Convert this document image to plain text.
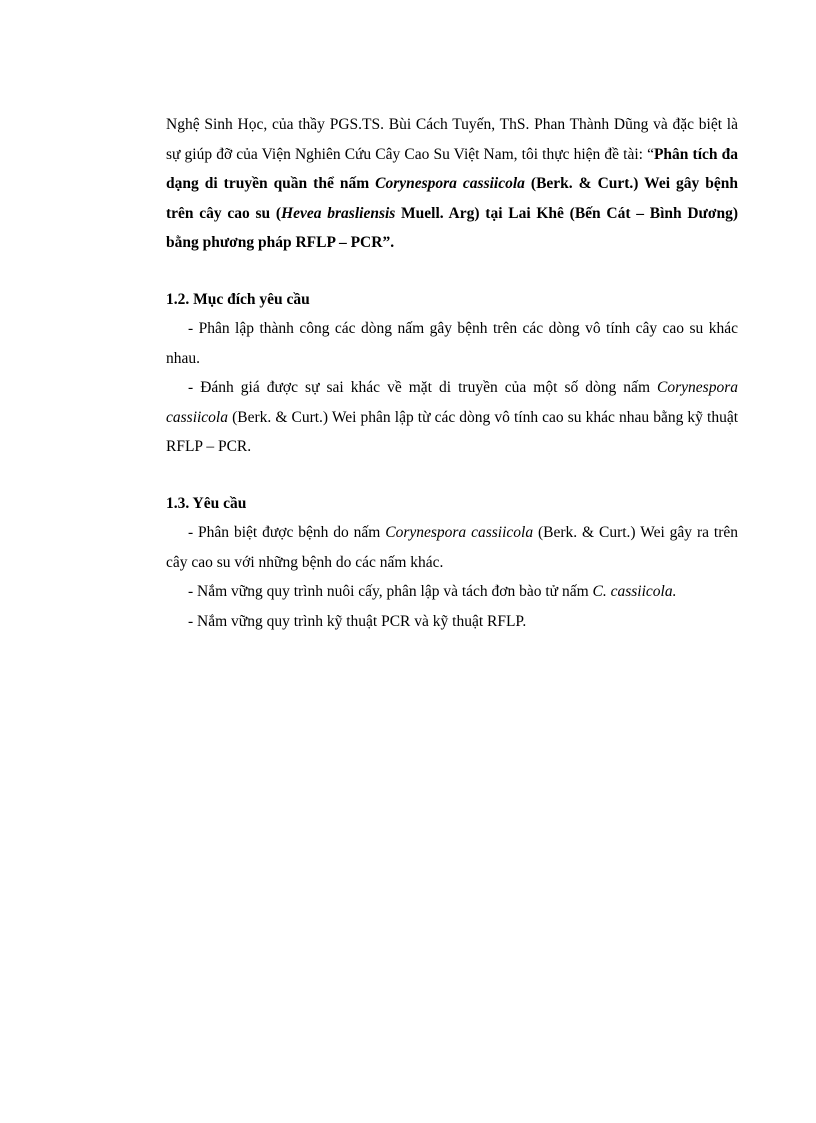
Nghệ Sinh Học, của thầy PGS.TS. Bùi Cách Tuyến, ThS. Phan Thành Dũng và đặc biệt là sự giúp đỡ của Viện Nghiên Cứu Cây Cao Su Việt Nam, tôi thực hiện đề tài: “Phân tích đa dạng di truyền quần thể nấm Corynespora cassiicola (Berk. & Curt.) Wei gây bệnh trên cây cao su (Hevea brasliensis Muell. Arg) tại Lai Khê (Bến Cát – Bình Dương) bằng phương pháp RFLP – PCR”.

1.2. Mục đích yêu cầu

- Phân lập thành công các dòng nấm gây bệnh trên các dòng vô tính cây cao su khác nhau.

- Đánh giá được sự sai khác về mặt di truyền của một số dòng nấm Corynespora cassiicola (Berk. & Curt.) Wei phân lập từ các dòng vô tính cao su khác nhau bằng kỹ thuật RFLP – PCR.

1.3. Yêu cầu

- Phân biệt được bệnh do nấm Corynespora cassiicola (Berk. & Curt.) Wei gây ra trên cây cao su với những bệnh do các nấm khác.

- Nắm vững quy trình nuôi cấy, phân lập và tách đơn bào tử nấm C. cassiicola.

- Nắm vững quy trình kỹ thuật PCR và kỹ thuật RFLP.
